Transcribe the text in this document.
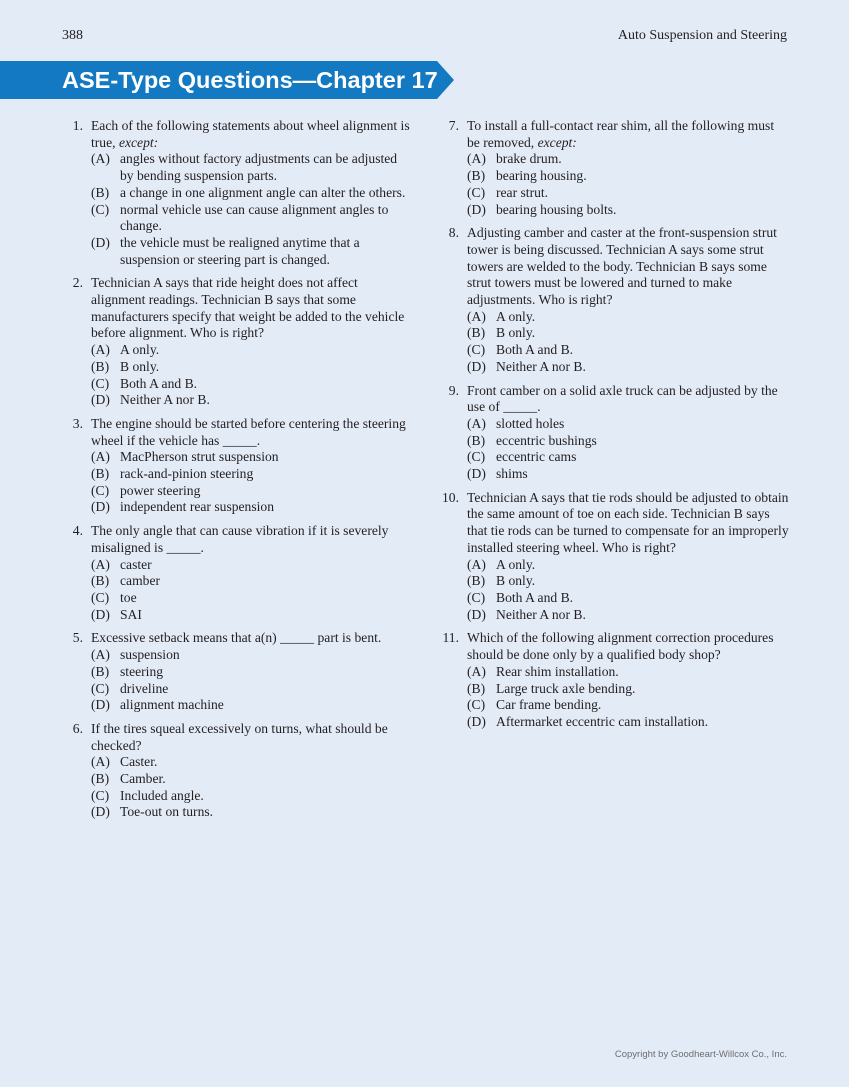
388	Auto Suspension and Steering
ASE-Type Questions—Chapter 17
1. Each of the following statements about wheel alignment is true, except:
(A) angles without factory adjustments can be adjusted by bending suspension parts.
(B) a change in one alignment angle can alter the others.
(C) normal vehicle use can cause alignment angles to change.
(D) the vehicle must be realigned anytime that a suspension or steering part is changed.
2. Technician A says that ride height does not affect alignment readings. Technician B says that some manufacturers specify that weight be added to the vehicle before alignment. Who is right?
(A) A only.
(B) B only.
(C) Both A and B.
(D) Neither A nor B.
3. The engine should be started before centering the steering wheel if the vehicle has _____.
(A) MacPherson strut suspension
(B) rack-and-pinion steering
(C) power steering
(D) independent rear suspension
4. The only angle that can cause vibration if it is severely misaligned is _____.
(A) caster
(B) camber
(C) toe
(D) SAI
5. Excessive setback means that a(n) _____ part is bent.
(A) suspension
(B) steering
(C) driveline
(D) alignment machine
6. If the tires squeal excessively on turns, what should be checked?
(A) Caster.
(B) Camber.
(C) Included angle.
(D) Toe-out on turns.
7. To install a full-contact rear shim, all the following must be removed, except:
(A) brake drum.
(B) bearing housing.
(C) rear strut.
(D) bearing housing bolts.
8. Adjusting camber and caster at the front-suspension strut tower is being discussed. Technician A says some strut towers are welded to the body. Technician B says some strut towers must be lowered and turned to make adjustments. Who is right?
(A) A only.
(B) B only.
(C) Both A and B.
(D) Neither A nor B.
9. Front camber on a solid axle truck can be adjusted by the use of _____.
(A) slotted holes
(B) eccentric bushings
(C) eccentric cams
(D) shims
10. Technician A says that tie rods should be adjusted to obtain the same amount of toe on each side. Technician B says that tie rods can be turned to compensate for an improperly installed steering wheel. Who is right?
(A) A only.
(B) B only.
(C) Both A and B.
(D) Neither A nor B.
11. Which of the following alignment correction procedures should be done only by a qualified body shop?
(A) Rear shim installation.
(B) Large truck axle bending.
(C) Car frame bending.
(D) Aftermarket eccentric cam installation.
Copyright by Goodheart-Willcox Co., Inc.
